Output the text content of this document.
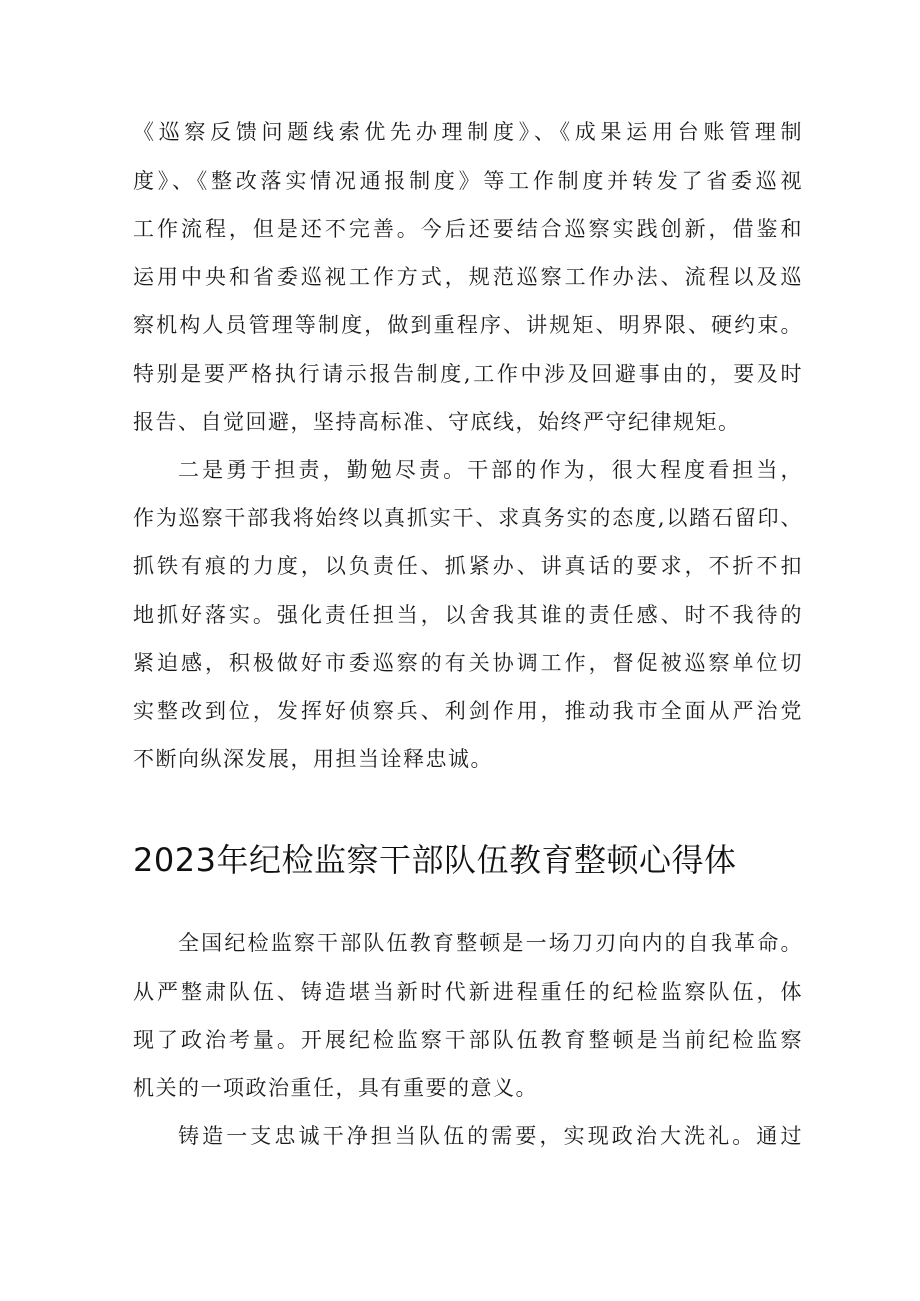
《巡察反馈问题线索优先办理制度》、《成果运用台账管理制
度》、《整改落实情况通报制度》等工作制度并转发了省委巡视
工作流程，但是还不完善。今后还要结合巡察实践创新，借鉴和
运用中央和省委巡视工作方式，规范巡察工作办法、流程以及巡
察机构人员管理等制度，做到重程序、讲规矩、明界限、硬约束。
特别是要严格执行请示报告制度,工作中涉及回避事由的，要及时
报告、自觉回避，坚持高标准、守底线，始终严守纪律规矩。
二是勇于担责，勤勉尽责。干部的作为，很大程度看担当，
作为巡察干部我将始终以真抓实干、求真务实的态度,以踏石留印、
抓铁有痕的力度，以负责任、抓紧办、讲真话的要求，不折不扣
地抓好落实。强化责任担当，以舍我其谁的责任感、时不我待的
紧迫感，积极做好市委巡察的有关协调工作，督促被巡察单位切
实整改到位，发挥好侦察兵、利剑作用，推动我市全面从严治党
不断向纵深发展，用担当诠释忠诚。
2023年纪检监察干部队伍教育整顿心得体
全国纪检监察干部队伍教育整顿是一场刀刃向内的自我革命。
从严整肃队伍、铸造堪当新时代新进程重任的纪检监察队伍，体
现了政治考量。开展纪检监察干部队伍教育整顿是当前纪检监察
机关的一项政治重任，具有重要的意义。
铸造一支忠诚干净担当队伍的需要，实现政治大洗礼。通过
